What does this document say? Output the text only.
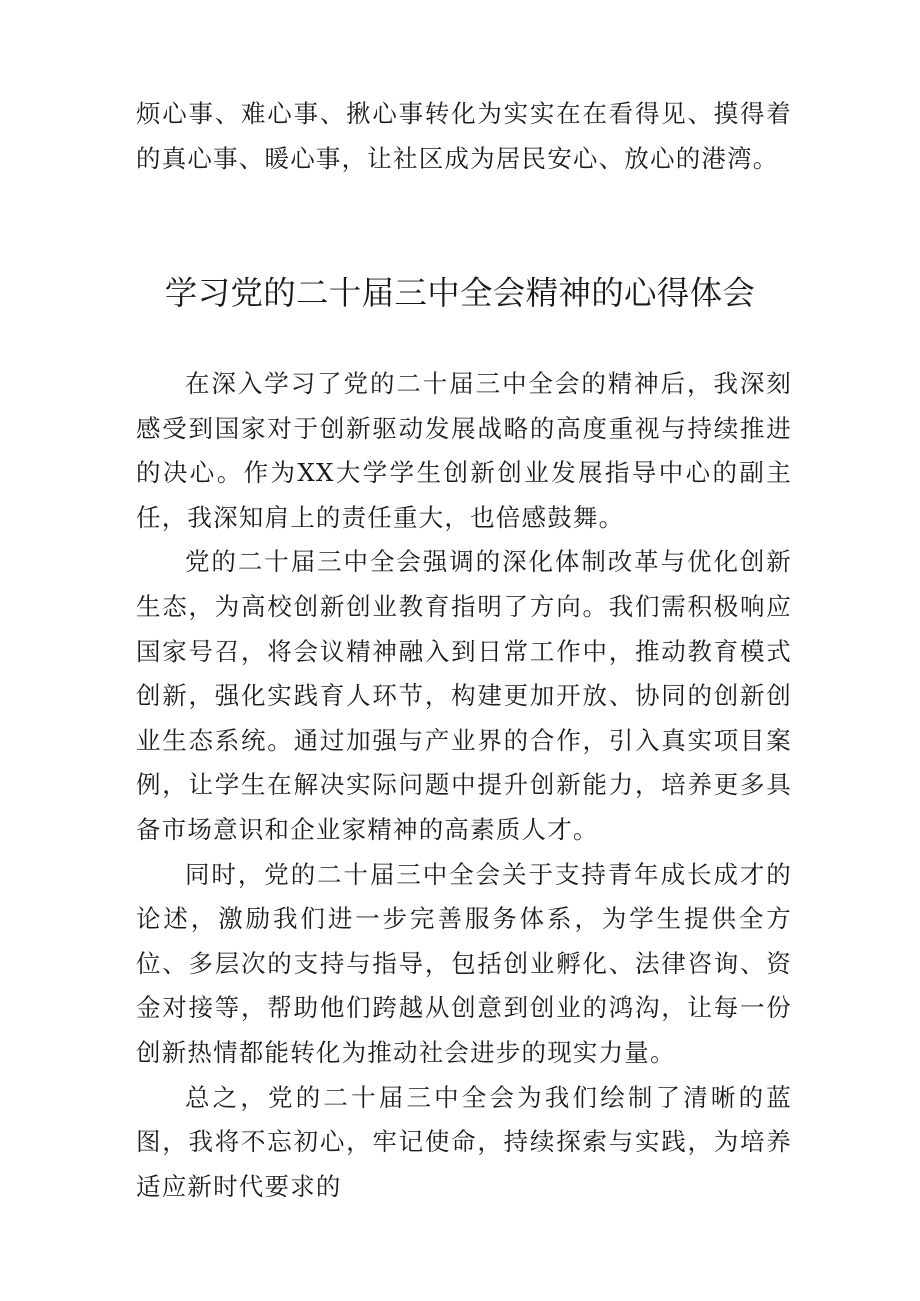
烦心事、难心事、揪心事转化为实实在在看得见、摸得着的真心事、暖心事，让社区成为居民安心、放心的港湾。

学习党的二十届三中全会精神的心得体会

在深入学习了党的二十届三中全会的精神后，我深刻感受到国家对于创新驱动发展战略的高度重视与持续推进的决心。作为XX大学学生创新创业发展指导中心的副主任，我深知肩上的责任重大，也倍感鼓舞。

党的二十届三中全会强调的深化体制改革与优化创新生态，为高校创新创业教育指明了方向。我们需积极响应国家号召，将会议精神融入到日常工作中，推动教育模式创新，强化实践育人环节，构建更加开放、协同的创新创业生态系统。通过加强与产业界的合作，引入真实项目案例，让学生在解决实际问题中提升创新能力，培养更多具备市场意识和企业家精神的高素质人才。

同时，党的二十届三中全会关于支持青年成长成才的论述，激励我们进一步完善服务体系，为学生提供全方位、多层次的支持与指导，包括创业孵化、法律咨询、资金对接等，帮助他们跨越从创意到创业的鸿沟，让每一份创新热情都能转化为推动社会进步的现实力量。

总之，党的二十届三中全会为我们绘制了清晰的蓝图，我将不忘初心，牢记使命，持续探索与实践，为培养适应新时代要求的
